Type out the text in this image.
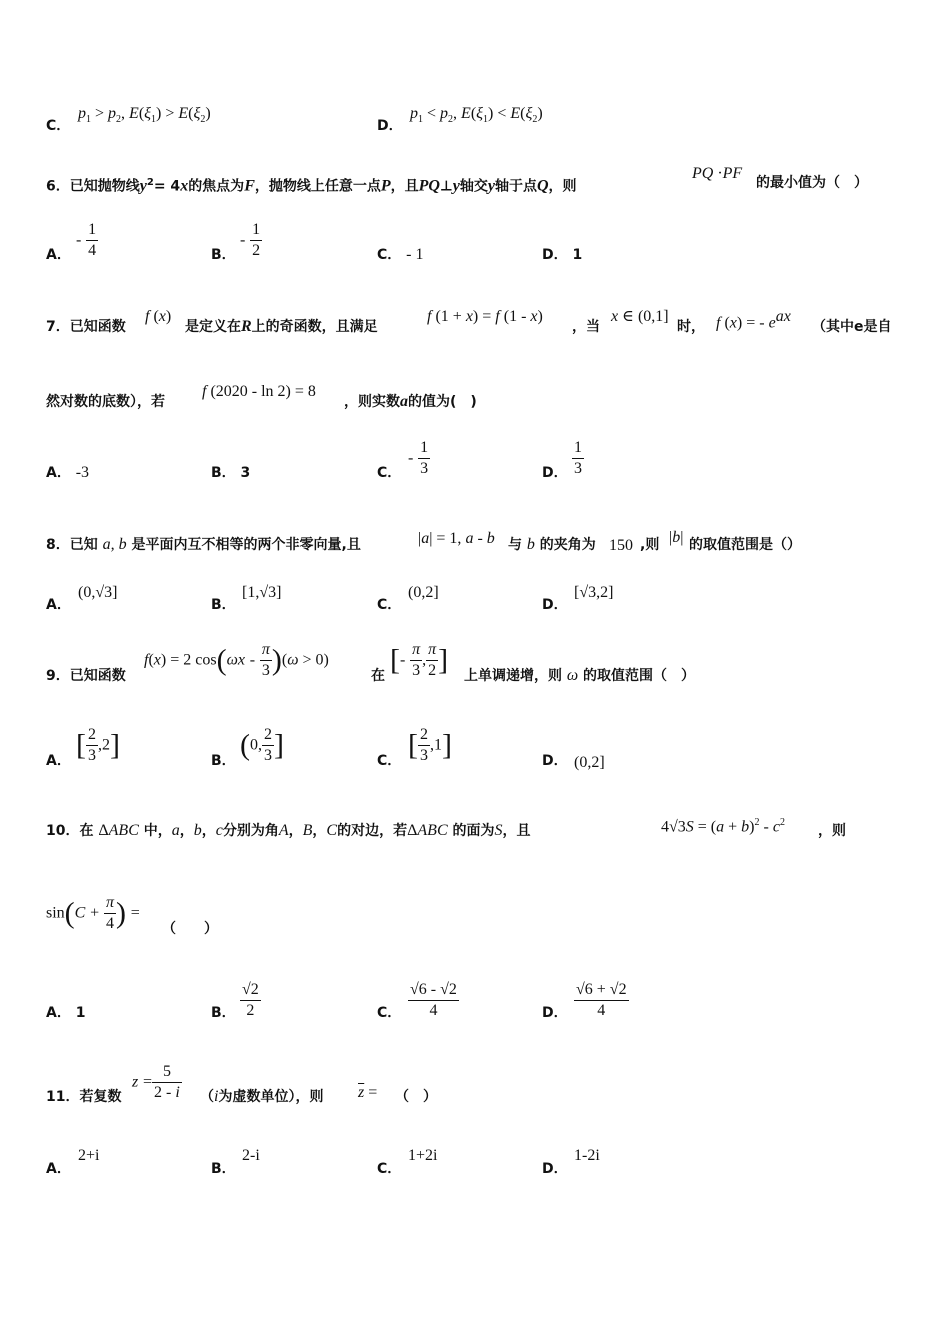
C．
$p_1 > p_2$, $E(\xi_1) > E(\xi_2)$
D．
$p_1 < p_2$, $E(\xi_1) < E(\xi_2)$
6．已知抛物线$y^2= 4x$的焦点为F，抛物线上任意一点P，且PQ⊥y轴交y轴于点Q，则
PQ ·PF
的最小值为（　）
A．
- $\frac{1}{4}$	B．
- $\frac{1}{2}$	C． - 1	D． 1
7．已知函数
f (x)
是定义在R上的奇函数，且满足
f (1 + x) = f (1 - x)
，当
x ∈ (0,1]
时， f (x) = - $e^{ax}$
（其中e是自
然对数的底数），若
f (2020 - ln 2) = 8
，则实数a的值为(　)
A． -3	B． 3	C．
- $\frac{1}{3}$	D． $\frac{1}{3}$
8．已知 a, b 是平面内互不相等的两个非零向量,且	|a| = 1, a - b 与 b 的夹角为 150 ,则 |b| 的取值范围是（）
A．
(0,√3]
B．
[1,√3]
C．
(0,2]
D．
[√3,2]
9．已知函数
f(x) = 2 $\cos(\omega x - \frac{\pi}{3} )(\omega > 0)$
在 [- $\frac{\pi}{3}$ , $\frac{\pi}{2}$ ] 上单调递增，则 ω 的取值范围（　）
A． [ $\frac{2}{3} ,2$]	B． (0, $\frac{2}{3}$ ]	C． [ $\frac{2}{3} ,1$]	D． (0,2]
10．在 ΔABC 中，a，b，c分别为角A，B，C的对边，若ΔABC 的面为S，且	$4√3S = (a + b)^2 - c^2$
，则
$\sin(C + \frac{\pi}{4}$ ) =
（　　）
A． 1	B． $\frac{√2}{2}$	C． $\frac{√6 - √2}{4}$	D． $\frac{√6 + √2}{4}$
11．若复数
$z = \frac{5}{2 - i} (i$为虚数单位），则 $\overline{z}$ = （　）
A．
2+i
B．
2-i
C．
1+2i
D．
1-2i
